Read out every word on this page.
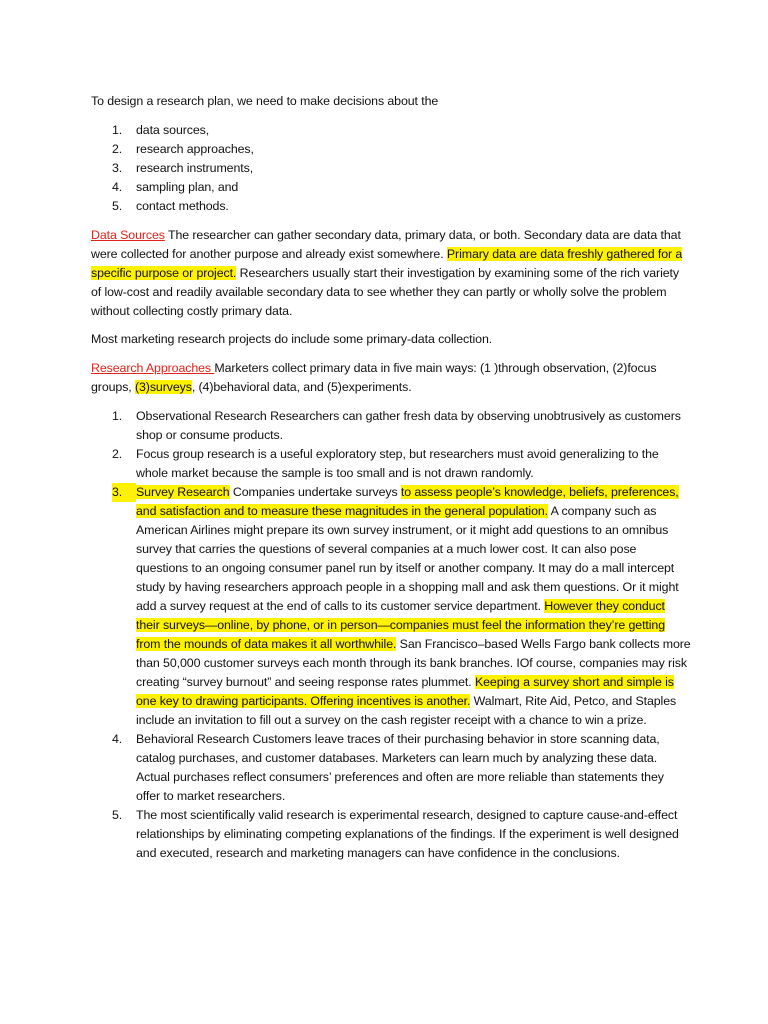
To design a research plan, we need to make decisions about the

1. data sources,
2. research approaches,
3. research instruments,
4. sampling plan, and
5. contact methods.

Data Sources The researcher can gather secondary data, primary data, or both. Secondary data are data that were collected for another purpose and already exist somewhere. Primary data are data freshly gathered for a specific purpose or project. Researchers usually start their investigation by examining some of the rich variety of low-cost and readily available secondary data to see whether they can partly or wholly solve the problem without collecting costly primary data.

Most marketing research projects do include some primary-data collection.

Research Approaches Marketers collect primary data in five main ways: (1 )through observation, (2)focus groups, (3)surveys, (4)behavioral data, and (5)experiments.

1. Observational Research Researchers can gather fresh data by observing unobtrusively as customers shop or consume products.
2. Focus group research is a useful exploratory step, but researchers must avoid generalizing to the whole market because the sample is too small and is not drawn randomly.
3.	Survey Research Companies undertake surveys to assess people’s knowledge, beliefs, preferences, and satisfaction and to measure these magnitudes in the general population. A company such as American Airlines might prepare its own survey instrument, or it might add questions to an omnibus survey that carries the questions of several companies at a much lower cost. It can also pose questions to an ongoing consumer panel run by itself or another company. It may do a mall intercept study by having researchers approach people in a shopping mall and ask them questions. Or it might add a survey request at the end of calls to its customer service department. However they conduct their surveys—online, by phone, or in person—companies must feel the information they’re getting from the mounds of data makes it all worthwhile. San Francisco–based Wells Fargo bank collects more than 50,000 customer surveys each month through its bank branches. IOf course, companies may risk creating “survey burnout” and seeing response rates plummet. Keeping a survey short and simple is one key to drawing participants. Offering incentives is another. Walmart, Rite Aid, Petco, and Staples include an invitation to fill out a survey on the cash register receipt with a chance to win a prize.
4. Behavioral Research Customers leave traces of their purchasing behavior in store scanning data, catalog purchases, and customer databases. Marketers can learn much by analyzing these data. Actual purchases reflect consumers’ preferences and often are more reliable than statements they offer to market researchers.
5. The most scientifically valid research is experimental research, designed to capture cause-and-effect relationships by eliminating competing explanations of the findings. If the experiment is well designed and executed, research and marketing managers can have confidence in the conclusions.
